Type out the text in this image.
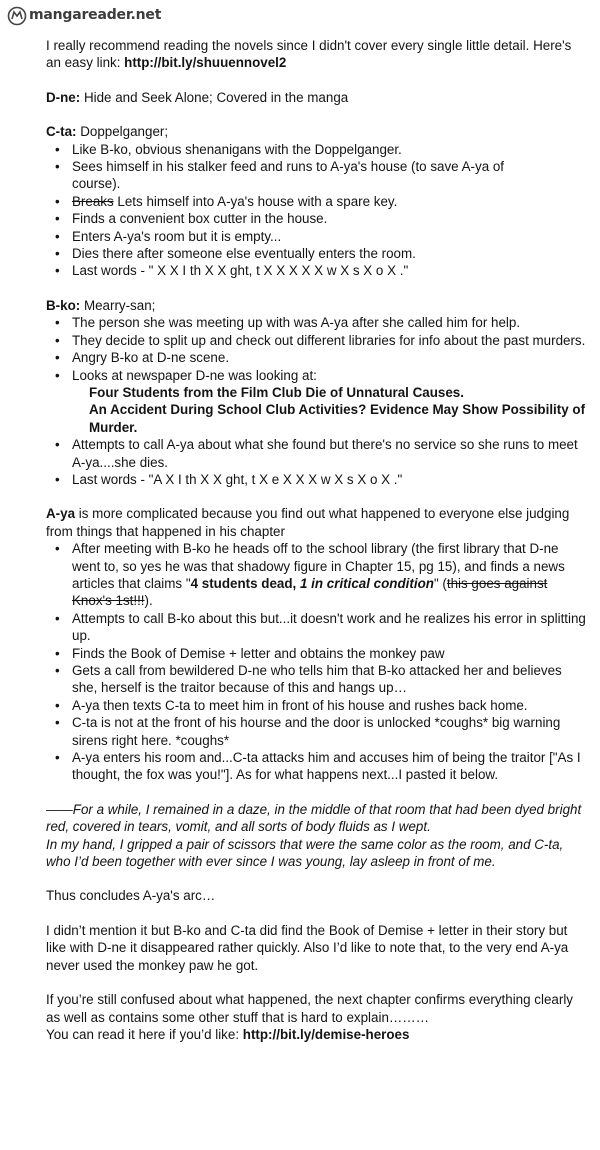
mangareader.net

I really recommend reading the novels since I didn't cover every single little detail. Here's an easy link: http://bit.ly/shuuennovel2

D-ne: Hide and Seek Alone; Covered in the manga

C-ta: Doppelganger;

• Like B-ko, obvious shenanigans with the Doppelganger.
• Sees himself in his stalker feed and runs to A-ya's house (to save A-ya of course).
• Breaks Lets himself into A-ya's house with a spare key.
• Finds a convenient box cutter in the house.
• Enters A-ya's room but it is empty...
• Dies there after someone else eventually enters the room.
• Last words - " X X I th X X ght, t X X X X X w X s X o X ."

B-ko: Mearry-san;

• The person she was meeting up with was A-ya after she called him for help.
• They decide to split up and check out different libraries for info about the past murders.
• Angry B-ko at D-ne scene.
• Looks at newspaper D-ne was looking at:
Four Students from the Film Club Die of Unnatural Causes.
An Accident During School Club Activities? Evidence May Show Possibility of Murder.
• Attempts to call A-ya about what she found but there's no service so she runs to meet A-ya....she dies.
• Last words - "A X I th X X ght, t X e X X X w X s X o X ."

A-ya is more complicated because you find out what happened to everyone else judging from things that happened in his chapter

• After meeting with B-ko he heads off to the school library (the first library that D-ne went to, so yes he was that shadowy figure in Chapter 15, pg 15), and finds a news articles that claims "4 students dead, 1 in critical condition" (this goes against Knox's 1st!!!).
• Attempts to call B-ko about this but...it doesn't work and he realizes his error in splitting up.
• Finds the Book of Demise + letter and obtains the monkey paw
• Gets a call from bewildered D-ne who tells him that B-ko attacked her and believes she, herself is the traitor because of this and hangs up…
• A-ya then texts C-ta to meet him in front of his house and rushes back home.
• C-ta is not at the front of his hourse and the door is unlocked *coughs* big warning sirens right here. *coughs*
• A-ya enters his room and...C-ta attacks him and accuses him of being the traitor ["As I thought, the fox was you!"]. As for what happens next...I pasted it below.

——For a while, I remained in a daze, in the middle of that room that had been dyed bright red, covered in tears, vomit, and all sorts of body fluids as I wept.

In my hand, I gripped a pair of scissors that were the same color as the room, and C-ta, who I’d been together with ever since I was young, lay asleep in front of me.

Thus concludes A-ya's arc…

I didn’t mention it but B-ko and C-ta did find the Book of Demise + letter in their story but like with D-ne it disappeared rather quickly. Also I’d like to note that, to the very end A-ya never used the monkey paw he got.

If you’re still confused about what happened, the next chapter confirms everything clearly as well as contains some other stuff that is hard to explain………

You can read it here if you’d like: http://bit.ly/demise-heroes
